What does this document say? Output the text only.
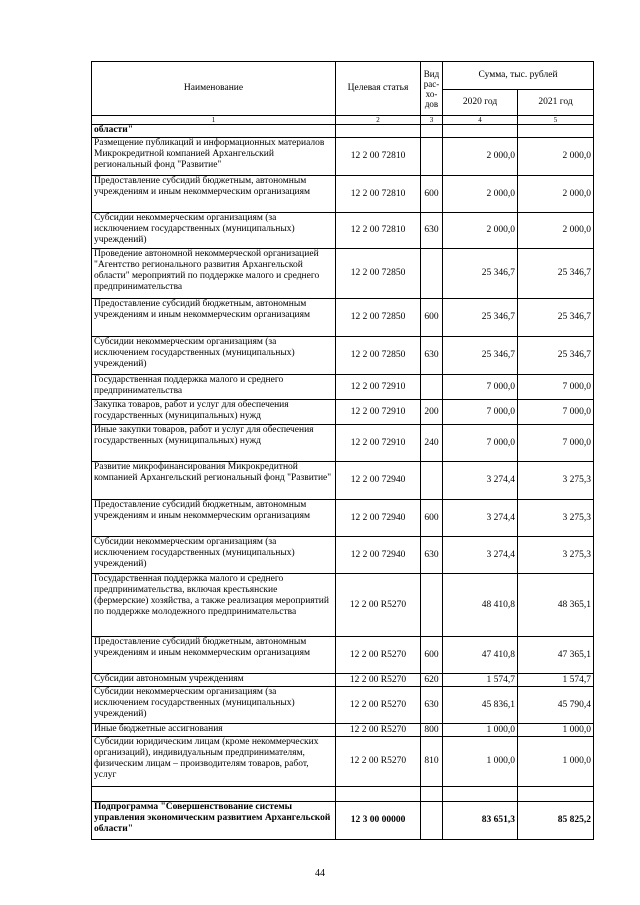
Наименование	Целевая статья	Вид рас- хо- дов	Сумма, тыс. рублей	
			2020 год	2021 год
1	2	3	4	5
области"				
Размещение публикаций и информационных материалов Микрокредитной компанией Архангельский региональный фонд "Развитие"	12 2 00 72810		2 000,0	2 000,0
Предоставление субсидий бюджетным, автономным учреждениям и иным некоммерческим организациям	12 2 00 72810	600	2 000,0	2 000,0
Субсидии некоммерческим организациям (за исключением государственных (муниципальных) учреждений)	12 2 00 72810	630	2 000,0	2 000,0
Проведение автономной некоммерческой организацией "Агентство регионального развития Архангельской области" мероприятий по поддержке малого и среднего предпринимательства	12 2 00 72850		25 346,7	25 346,7
Предоставление субсидий бюджетным, автономным учреждениям и иным некоммерческим организациям	12 2 00 72850	600	25 346,7	25 346,7
Субсидии некоммерческим организациям (за исключением государственных (муниципальных) учреждений)	12 2 00 72850	630	25 346,7	25 346,7
Государственная поддержка малого и среднего предпринимательства	12 2 00 72910		7 000,0	7 000,0
Закупка товаров, работ и услуг для обеспечения государственных (муниципальных) нужд	12 2 00 72910	200	7 000,0	7 000,0
Иные закупки товаров, работ и услуг для обеспечения государственных (муниципальных) нужд	12 2 00 72910	240	7 000,0	7 000,0
Развитие микрофинансирования Микрокредитной компанией Архангельский региональный фонд "Развитие"	12 2 00 72940		3 274,4	3 275,3
Предоставление субсидий бюджетным, автономным учреждениям и иным некоммерческим организациям	12 2 00 72940	600	3 274,4	3 275,3
Субсидии некоммерческим организациям (за исключением государственных (муниципальных) учреждений)	12 2 00 72940	630	3 274,4	3 275,3
Государственная поддержка малого и среднего предпринимательства, включая крестьянские (фермерские) хозяйства, а также реализация мероприятий по поддержке молодежного предпринимательства	12 2 00 R5270		48 410,8	48 365,1
Предоставление субсидий бюджетным, автономным учреждениям и иным некоммерческим организациям	12 2 00 R5270	600	47 410,8	47 365,1
Субсидии автономным учреждениям	12 2 00 R5270	620	1 574,7	1 574,7
Субсидии некоммерческим организациям (за исключением государственных (муниципальных) учреждений)	12 2 00 R5270	630	45 836,1	45 790,4
Иные бюджетные ассигнования	12 2 00 R5270	800	1 000,0	1 000,0
Субсидии юридическим лицам (кроме некоммерческих организаций), индивидуальным предпринимателям, физическим лицам – производителям товаров, работ, услуг	12 2 00 R5270	810	1 000,0	1 000,0

Подпрограмма "Совершенствование системы управления экономическим развитием Архангельской области"	12 3 00 00000		83 651,3	85 825,2
44
